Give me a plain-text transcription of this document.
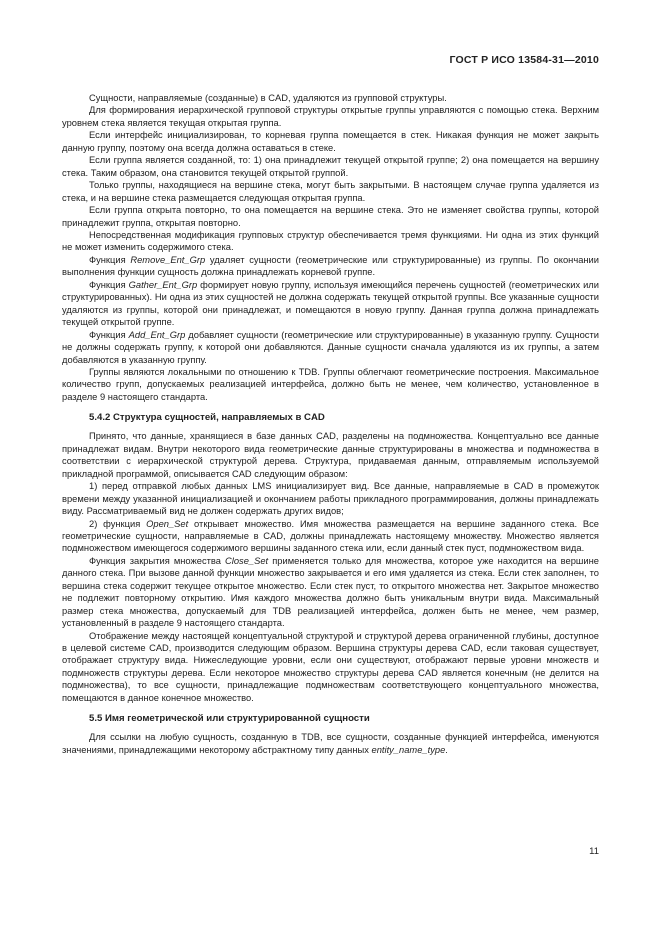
ГОСТ Р ИСО 13584-31—2010

Сущности, направляемые (созданные) в CAD, удаляются из групповой структуры.

Для формирования иерархической групповой структуры открытые группы управляются с помощью стека. Верхним уровнем стека является текущая открытая группа.

Если интерфейс инициализирован, то корневая группа помещается в стек. Никакая функция не может закрыть данную группу, поэтому она всегда должна оставаться в стеке.

Если группа является созданной, то: 1) она принадлежит текущей открытой группе; 2) она помещается на вершину стека. Таким образом, она становится текущей открытой группой.

Только группы, находящиеся на вершине стека, могут быть закрытыми. В настоящем случае группа удаляется из стека, и на вершине стека размещается следующая открытая группа.

Если группа открыта повторно, то она помещается на вершине стека. Это не изменяет свойства группы, которой принадлежит группа, открытая повторно.

Непосредственная модификация групповых структур обеспечивается тремя функциями. Ни одна из этих функций не может изменить содержимого стека.

Функция Remove_Ent_Grp удаляет сущности (геометрические или структурированные) из группы. По окончании выполнения функции сущность должна принадлежать корневой группе.

Функция Gather_Ent_Grp формирует новую группу, используя имеющийся перечень сущностей (геометрических или структурированных). Ни одна из этих сущностей не должна содержать текущей открытой группы. Все указанные сущности удаляются из группы, которой они принадлежат, и помещаются в новую группу. Данная группа должна принадлежать текущей открытой группе.

Функция Add_Ent_Grp добавляет сущности (геометрические или структурированные) в указанную группу. Сущности не должны содержать группу, к которой они добавляются. Данные сущности сначала удаляются из их группы, а затем добавляются в указанную группу.

Группы являются локальными по отношению к TDB. Группы облегчают геометрические построения. Максимальное количество групп, допускаемых реализацией интерфейса, должно быть не менее, чем количество, установленное в разделе 9 настоящего стандарта.

5.4.2 Структура сущностей, направляемых в CAD

Принято, что данные, хранящиеся в базе данных CAD, разделены на подмножества. Концептуально все данные принадлежат видам. Внутри некоторого вида геометрические данные структурированы в множества и подмножества в соответствии с иерархической структурой дерева. Структура, придаваемая данным, отправляемым используемой прикладной программой, описывается CAD следующим образом:

1) перед отправкой любых данных LMS инициализирует вид. Все данные, направляемые в CAD в промежуток времени между указанной инициализацией и окончанием работы прикладного программирования, должны принадлежать виду. Рассматриваемый вид не должен содержать других видов;

2) функция Open_Set открывает множество. Имя множества размещается на вершине заданного стека. Все геометрические сущности, направляемые в CAD, должны принадлежать настоящему множеству. Множество является подмножеством имеющегося содержимого вершины заданного стека или, если данный стек пуст, подмножеством вида.

Функция закрытия множества Close_Set применяется только для множества, которое уже находится на вершине данного стека. При вызове данной функции множество закрывается и его имя удаляется из стека. Если стек заполнен, то вершина стека содержит текущее открытое множество. Если стек пуст, то открытого множества нет. Закрытое множество не подлежит повторному открытию. Имя каждого множества должно быть уникальным внутри вида. Максимальный размер стека множества, допускаемый для TDB реализацией интерфейса, должен быть не менее, чем размер, установленный в разделе 9 настоящего стандарта.

Отображение между настоящей концептуальной структурой и структурой дерева ограниченной глубины, доступное в целевой системе CAD, производится следующим образом. Вершина структуры дерева CAD, если таковая существует, отображает структуру вида. Нижеследующие уровни, если они существуют, отображают первые уровни множеств и подмножеств структуры дерева. Если некоторое множество структуры дерева CAD является конечным (не делится на подмножества), то все сущности, принадлежащие подмножествам соответствующего концептуального множества, помещаются в данное конечное множество.

5.5 Имя геометрической или структурированной сущности

Для ссылки на любую сущность, созданную в TDB, все сущности, созданные функцией интерфейса, именуются значениями, принадлежащими некоторому абстрактному типу данных entity_name_type.

11
